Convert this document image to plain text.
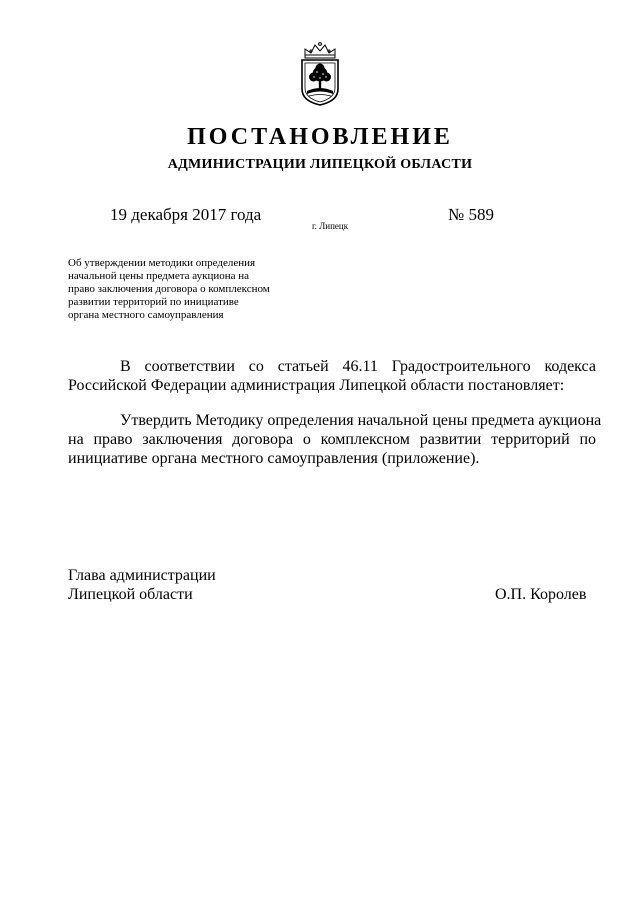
ПОСТАНОВЛЕНИЕ
АДМИНИСТРАЦИИ ЛИПЕЦКОЙ ОБЛАСТИ
19 декабря 2017 года
г. Липецк
№ 589
Об утверждении методики определения
начальной цены предмета аукциона на
право заключения договора о комплексном
развитии территорий по инициативе
органа местного самоуправления
В соответствии со статьей 46.11 Градостроительного кодекса
Российской Федерации администрация Липецкой области постановляет:
Утвердить Методику определения начальной цены предмета аукциона
на право заключения договора о комплексном развитии территорий по
инициативе органа местного самоуправления (приложение).
Глава администрации
Липецкой области	О.П. Королев
